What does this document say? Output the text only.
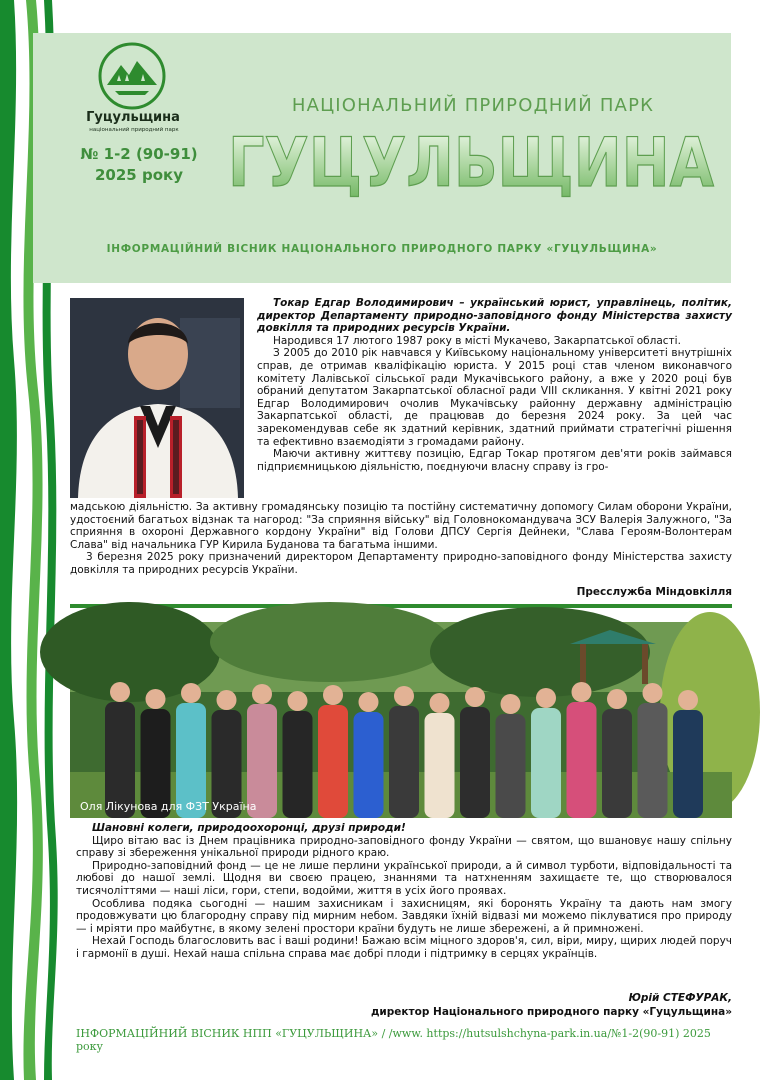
Гуцульщина
національний природний парк
№ 1-2 (90-91)
2025 року
НАЦІОНАЛЬНИЙ ПРИРОДНИЙ ПАРК
ГУЦУЛЬЩИНА
ІНФОРМАЦІЙНИЙ ВІСНИК НАЦІОНАЛЬНОГО ПРИРОДНОГО ПАРКУ «ГУЦУЛЬЩИНА»

Токар Едгар Володимирович – український юрист, управлінець, політик, директор Департаменту природно-заповідного фонду Міністерства захисту довкілля та природних ресурсів України.

Народився 17 лютого 1987 року в місті Мукачево, Закарпатської області.

З 2005 до 2010 рік навчався у Київському національному університеті внутрішніх справ, де отримав кваліфікацію юриста. У 2015 році став членом виконавчого комітету Лалівської сільської ради Мукачівського району, а вже у 2020 році був обраний депутатом Закарпатської обласної ради VIII скликання. У квітні 2021 року Едгар Володимирович очолив Мукачівську районну державну адміністрацію Закарпатської області, де працював до березня 2024 року. За цей час зарекомендував себе як здатний керівник, здатний приймати стратегічні рішення та ефективно взаємодіяти з громадами району.

Маючи активну життєву позицію, Едгар Токар протягом дев'яти років займався підприємницькою діяльністю, поєднуючи власну справу із гро-

мадською діяльністю. За активну громадянську позицію та постійну систематичну допомогу Силам оборони України, удостоєний багатьох відзнак та нагород: "За сприяння війську" від Головнокомандувача ЗСУ Валерія Залужного, "За сприяння в охороні Державного кордону України" від Голови ДПСУ Сергія Дейнеки, "Слава Героям-Волонтерам Слава" від начальника ГУР Кирила Буданова та багатьма іншими.

3 березня 2025 року призначений директором Департаменту природно-заповідного фонду Міністерства захисту довкілля та природних ресурсів України.

Пресслужба Міндовкілля
Оля Лікунова для ФЗТ Україна

Шановні колеги, природоохоронці, друзі природи!

Щиро вітаю вас із Днем працівника природно-заповідного фонду України — святом, що вшановує нашу спільну справу зі збереження унікальної природи рідного краю.

Природно-заповідний фонд — це не лише перлини української природи, а й символ турботи, відповідальності та любові до нашої землі. Щодня ви своєю працею, знаннями та натхненням захищаєте те, що створювалося тисячоліттями — наші ліси, гори, степи, водойми, життя в усіх його проявах.

Особлива подяка сьогодні — нашим захисникам і захисницям, які боронять Україну та дають нам змогу продовжувати цю благородну справу під мирним небом. Завдяки їхній відвазі ми можемо піклуватися про природу — і мріяти про майбутнє, в якому зелені простори країни будуть не лише збережені, а й примножені.

Нехай Господь благословить вас і ваші родини! Бажаю всім міцного здоров'я, сил, віри, миру, щирих людей поруч і гармонії в душі. Нехай наша спільна справа має добрі плоди і підтримку в серцях українців.

Юрій СТЕФУРАК,
директор Національного природного парку «Гуцульщина»
ІНФОРМАЦІЙНИЙ ВІСНИК НПП «ГУЦУЛЬЩИНА» / /www. https://hutsulshchyna-park.in.ua/№1-2(90-91) 2025 року
